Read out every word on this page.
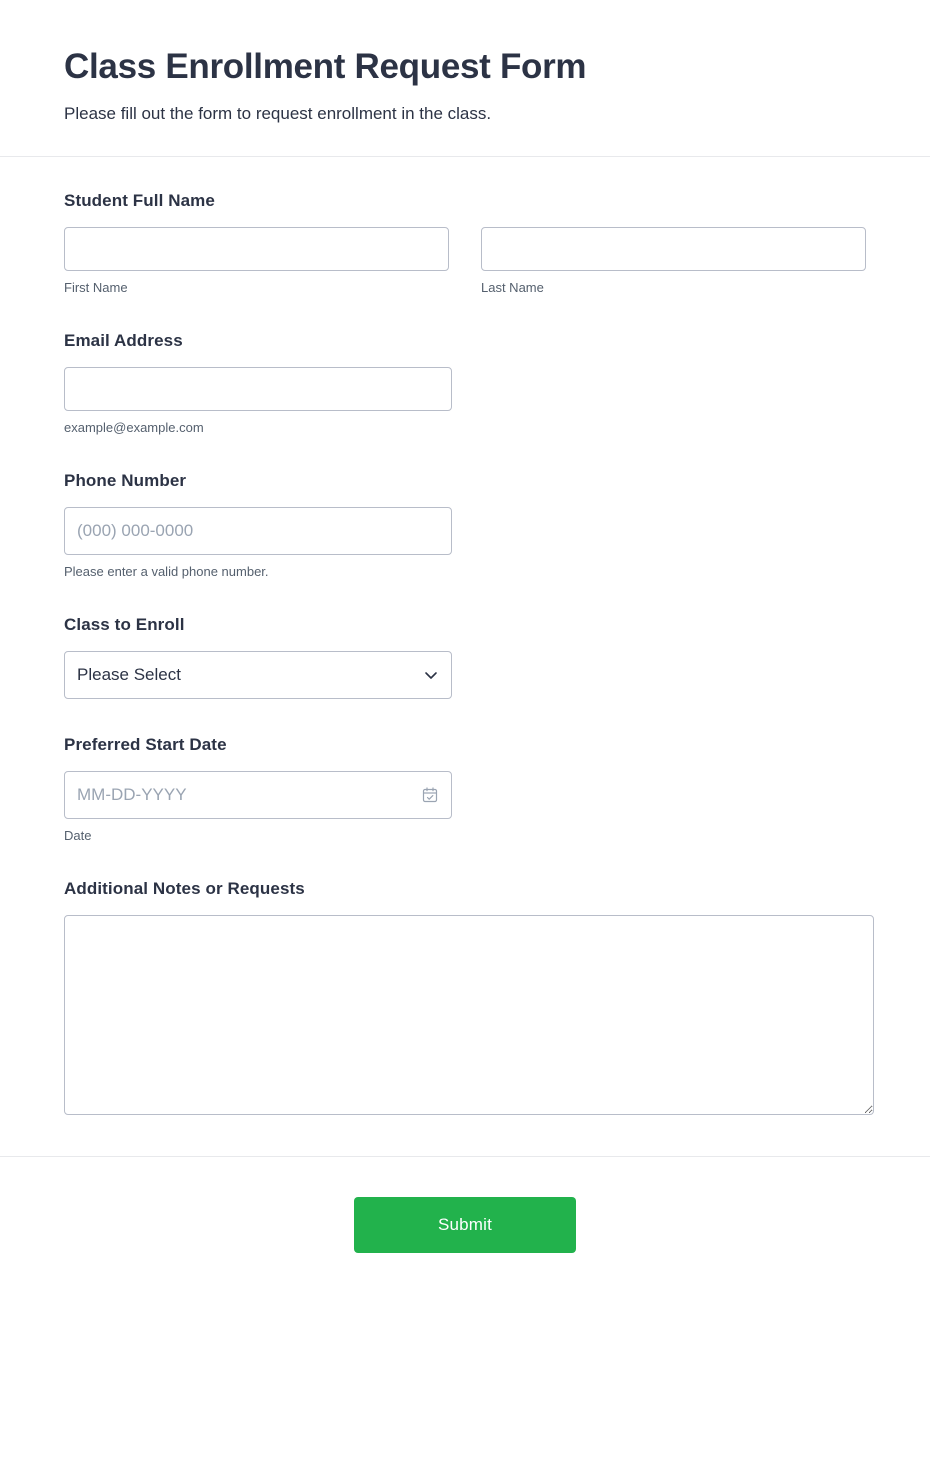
Class Enrollment Request Form

Please fill out the form to request enrollment in the class.

Student Full Name
First Name	Last Name
Email Address
example@example.com
Phone Number
(000) 000-0000
Please enter a valid phone number.
Class to Enroll
Please Select
Preferred Start Date
MM-DD-YYYY
Date
Additional Notes or Requests
Submit
